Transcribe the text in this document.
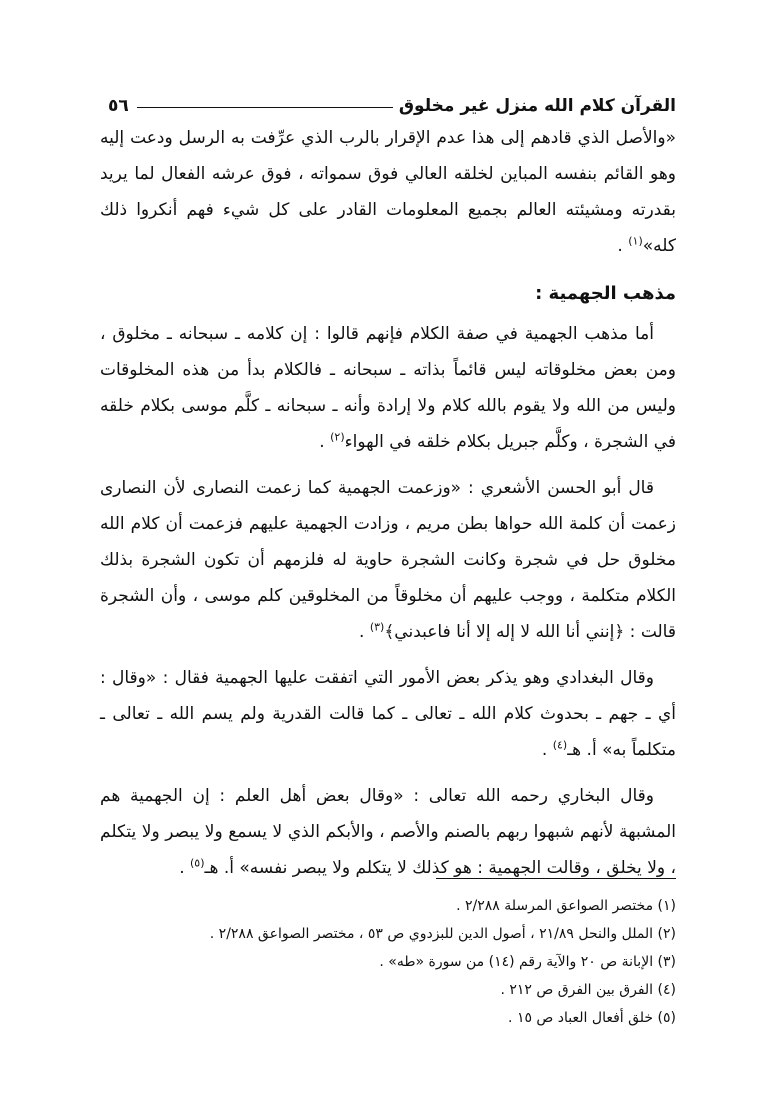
القرآن كلام الله منزل غير مخلوق
٥٦

«والأصل الذي قادهم إلى هذا عدم الإقرار بالرب الذي عرِّفت به الرسل ودعت إليه وهو القائم بنفسه المباين لخلقه العالي فوق سمواته ، فوق عرشه الفعال لما يريد بقدرته ومشيئته العالم بجميع المعلومات القادر على كل شيء فهم أنكروا ذلك كله»$^{(١)}$ .

مذهب الجهمية :

أما مذهب الجهمية في صفة الكلام فإنهم قالوا : إن كلامه ـ سبحانه ـ مخلوق ، ومن بعض مخلوقاته ليس قائماً بذاته ـ سبحانه ـ فالكلام بدأ من هذه المخلوقات وليس من الله ولا يقوم بالله كلام ولا إرادة وأنه ـ سبحانه ـ كلَّم موسى بكلام خلقه في الشجرة ، وكلَّم جبريل بكلام خلقه في الهواء$^{(٢)}$ .

قال أبو الحسن الأشعري : «وزعمت الجهمية كما زعمت النصارى لأن النصارى زعمت أن كلمة الله حواها بطن مريم ، وزادت الجهمية عليهم فزعمت أن كلام الله مخلوق حل في شجرة وكانت الشجرة حاوية له فلزمهم أن تكون الشجرة بذلك الكلام متكلمة ، ووجب عليهم أن مخلوقاً من المخلوقين كلم موسى ، وأن الشجرة قالت : ﴿إنني أنا الله لا إله إلا أنا فاعبدني﴾$^{(٣)}$ .

وقال البغدادي وهو يذكر بعض الأمور التي اتفقت عليها الجهمية فقال : «وقال : أي ـ جهم ـ بحدوث كلام الله ـ تعالى ـ كما قالت القدرية ولم يسم الله ـ تعالى ـ متكلماً به» أ. هـ$^{(٤)}$ .

وقال البخاري رحمه الله تعالى : «وقال بعض أهل العلم : إن الجهمية هم المشبهة لأنهم شبهوا ربهم بالصنم والأصم ، والأبكم الذي لا يسمع ولا يبصر ولا يتكلم ، ولا يخلق ، وقالت الجهمية : هو كذلك لا يتكلم ولا يبصر نفسه» أ. هـ$^{(٥)}$ .

(١) مختصر الصواعق المرسلة ٢/٢٨٨ .
(٢) الملل والنحل ٢١/٨٩ ، أصول الدين للبزدوي ص ٥٣ ، مختصر الصواعق ٢/٢٨٨ .
(٣) الإبانة ص ٢٠ والآية رقم (١٤) من سورة «طه» .
(٤) الفرق بين الفرق ص ٢١٢ .
(٥) خلق أفعال العباد ص ١٥ .
